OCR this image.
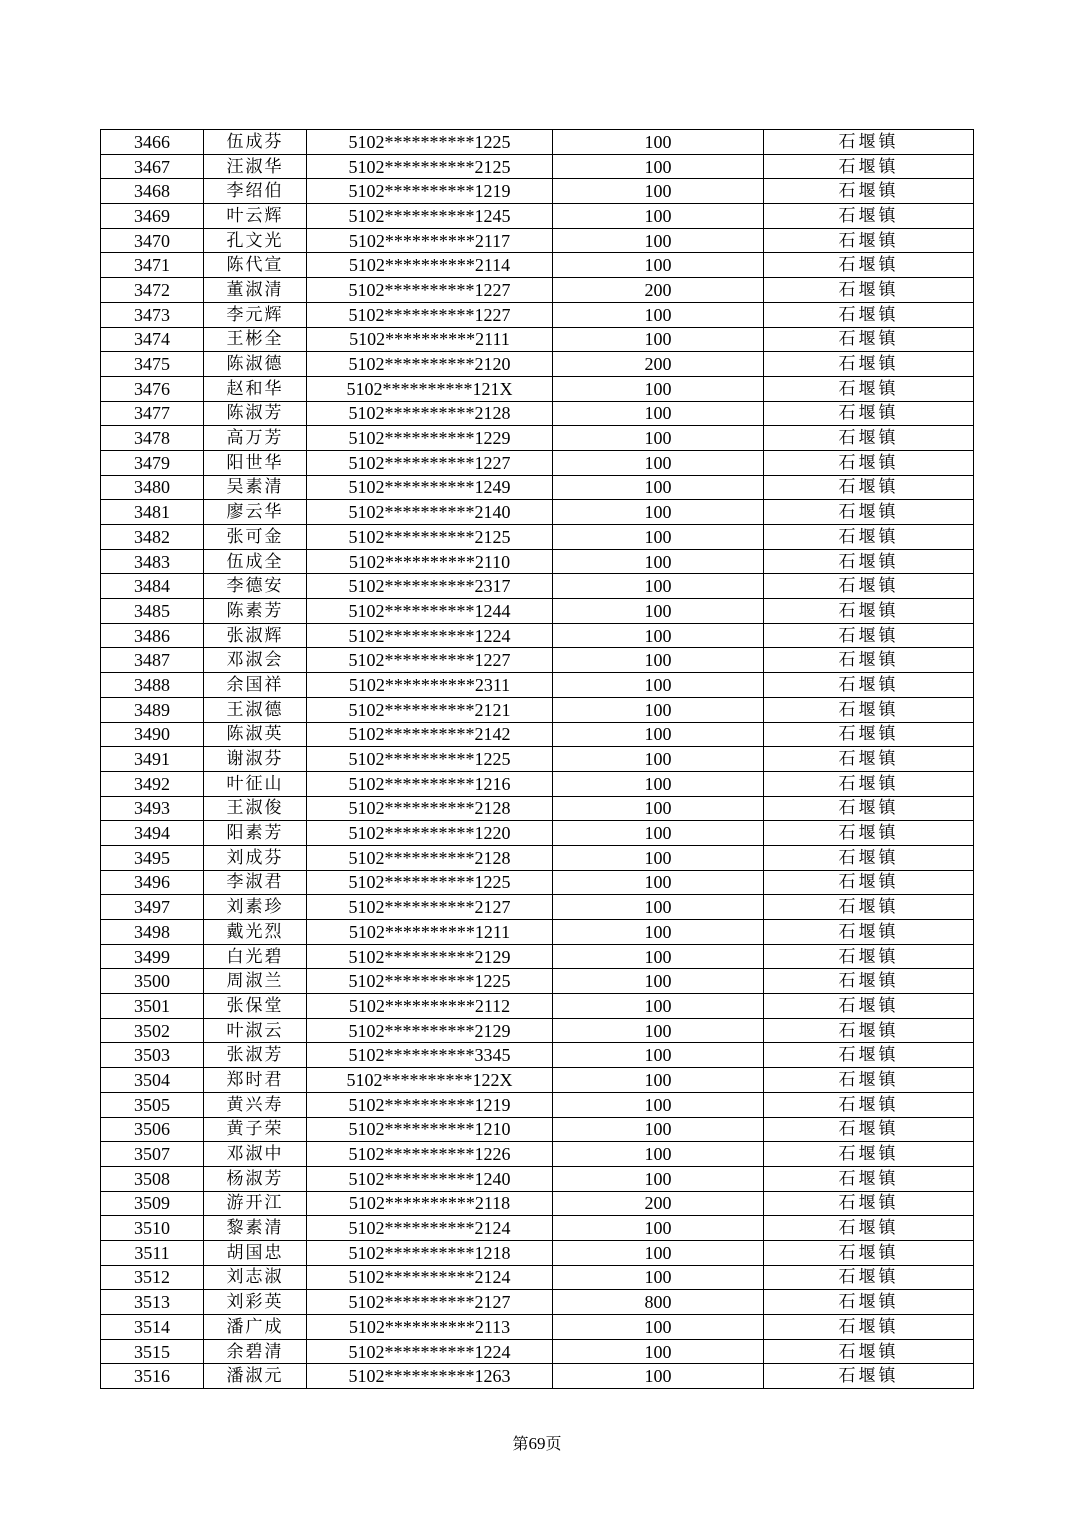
3466	伍成芬	5102**********1225	100	石堰镇
3467	汪淑华	5102**********2125	100	石堰镇
3468	李绍伯	5102**********1219	100	石堰镇
3469	叶云辉	5102**********1245	100	石堰镇
3470	孔文光	5102**********2117	100	石堰镇
3471	陈代宣	5102**********2114	100	石堰镇
3472	董淑清	5102**********1227	200	石堰镇
3473	李元辉	5102**********1227	100	石堰镇
3474	王彬全	5102**********2111	100	石堰镇
3475	陈淑德	5102**********2120	200	石堰镇
3476	赵和华	5102**********121X	100	石堰镇
3477	陈淑芳	5102**********2128	100	石堰镇
3478	高万芳	5102**********1229	100	石堰镇
3479	阳世华	5102**********1227	100	石堰镇
3480	吴素清	5102**********1249	100	石堰镇
3481	廖云华	5102**********2140	100	石堰镇
3482	张可金	5102**********2125	100	石堰镇
3483	伍成全	5102**********2110	100	石堰镇
3484	李德安	5102**********2317	100	石堰镇
3485	陈素芳	5102**********1244	100	石堰镇
3486	张淑辉	5102**********1224	100	石堰镇
3487	邓淑会	5102**********1227	100	石堰镇
3488	余国祥	5102**********2311	100	石堰镇
3489	王淑德	5102**********2121	100	石堰镇
3490	陈淑英	5102**********2142	100	石堰镇
3491	谢淑芬	5102**********1225	100	石堰镇
3492	叶征山	5102**********1216	100	石堰镇
3493	王淑俊	5102**********2128	100	石堰镇
3494	阳素芳	5102**********1220	100	石堰镇
3495	刘成芬	5102**********2128	100	石堰镇
3496	李淑君	5102**********1225	100	石堰镇
3497	刘素珍	5102**********2127	100	石堰镇
3498	戴光烈	5102**********1211	100	石堰镇
3499	白光碧	5102**********2129	100	石堰镇
3500	周淑兰	5102**********1225	100	石堰镇
3501	张保堂	5102**********2112	100	石堰镇
3502	叶淑云	5102**********2129	100	石堰镇
3503	张淑芳	5102**********3345	100	石堰镇
3504	郑时君	5102**********122X	100	石堰镇
3505	黄兴寿	5102**********1219	100	石堰镇
3506	黄子荣	5102**********1210	100	石堰镇
3507	邓淑中	5102**********1226	100	石堰镇
3508	杨淑芳	5102**********1240	100	石堰镇
3509	游开江	5102**********2118	200	石堰镇
3510	黎素清	5102**********2124	100	石堰镇
3511	胡国忠	5102**********1218	100	石堰镇
3512	刘志淑	5102**********2124	100	石堰镇
3513	刘彩英	5102**********2127	800	石堰镇
3514	潘广成	5102**********2113	100	石堰镇
3515	余碧清	5102**********1224	100	石堰镇
3516	潘淑元	5102**********1263	100	石堰镇
第69页
